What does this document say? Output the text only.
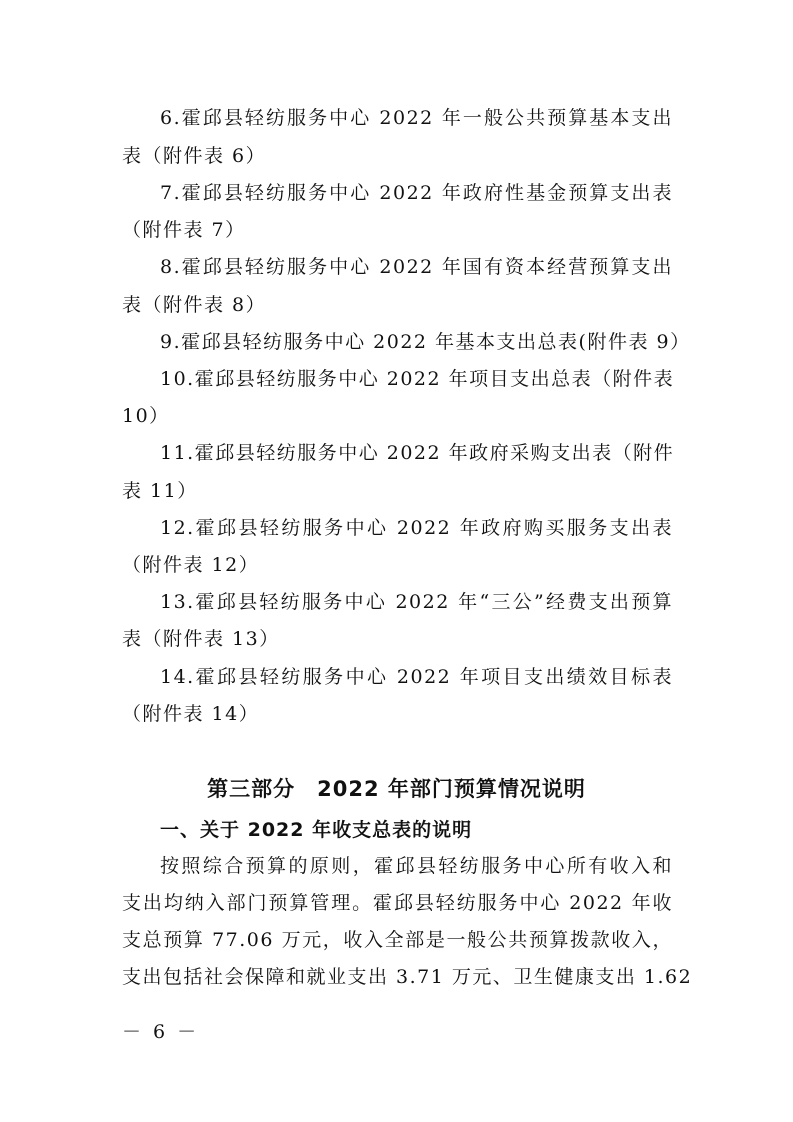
6.霍邱县轻纺服务中心 2022 年一般公共预算基本支出
表（附件表 6）
7.霍邱县轻纺服务中心 2022 年政府性基金预算支出表
（附件表 7）
8.霍邱县轻纺服务中心 2022 年国有资本经营预算支出
表（附件表 8）
9.霍邱县轻纺服务中心 2022 年基本支出总表(附件表 9）
10.霍邱县轻纺服务中心 2022 年项目支出总表（附件表
10）
11.霍邱县轻纺服务中心 2022 年政府采购支出表（附件
表 11）
12.霍邱县轻纺服务中心 2022 年政府购买服务支出表
（附件表 12）
13.霍邱县轻纺服务中心 2022 年“三公”经费支出预算
表（附件表 13）
14.霍邱县轻纺服务中心 2022 年项目支出绩效目标表
（附件表 14）
第三部分　2022 年部门预算情况说明
一、关于 2022 年收支总表的说明
按照综合预算的原则，霍邱县轻纺服务中心所有收入和
支出均纳入部门预算管理。霍邱县轻纺服务中心 2022 年收
支总预算 77.06 万元，收入全部是一般公共预算拨款收入，
支出包括社会保障和就业支出 3.71 万元、卫生健康支出 1.62
－ 6 －
